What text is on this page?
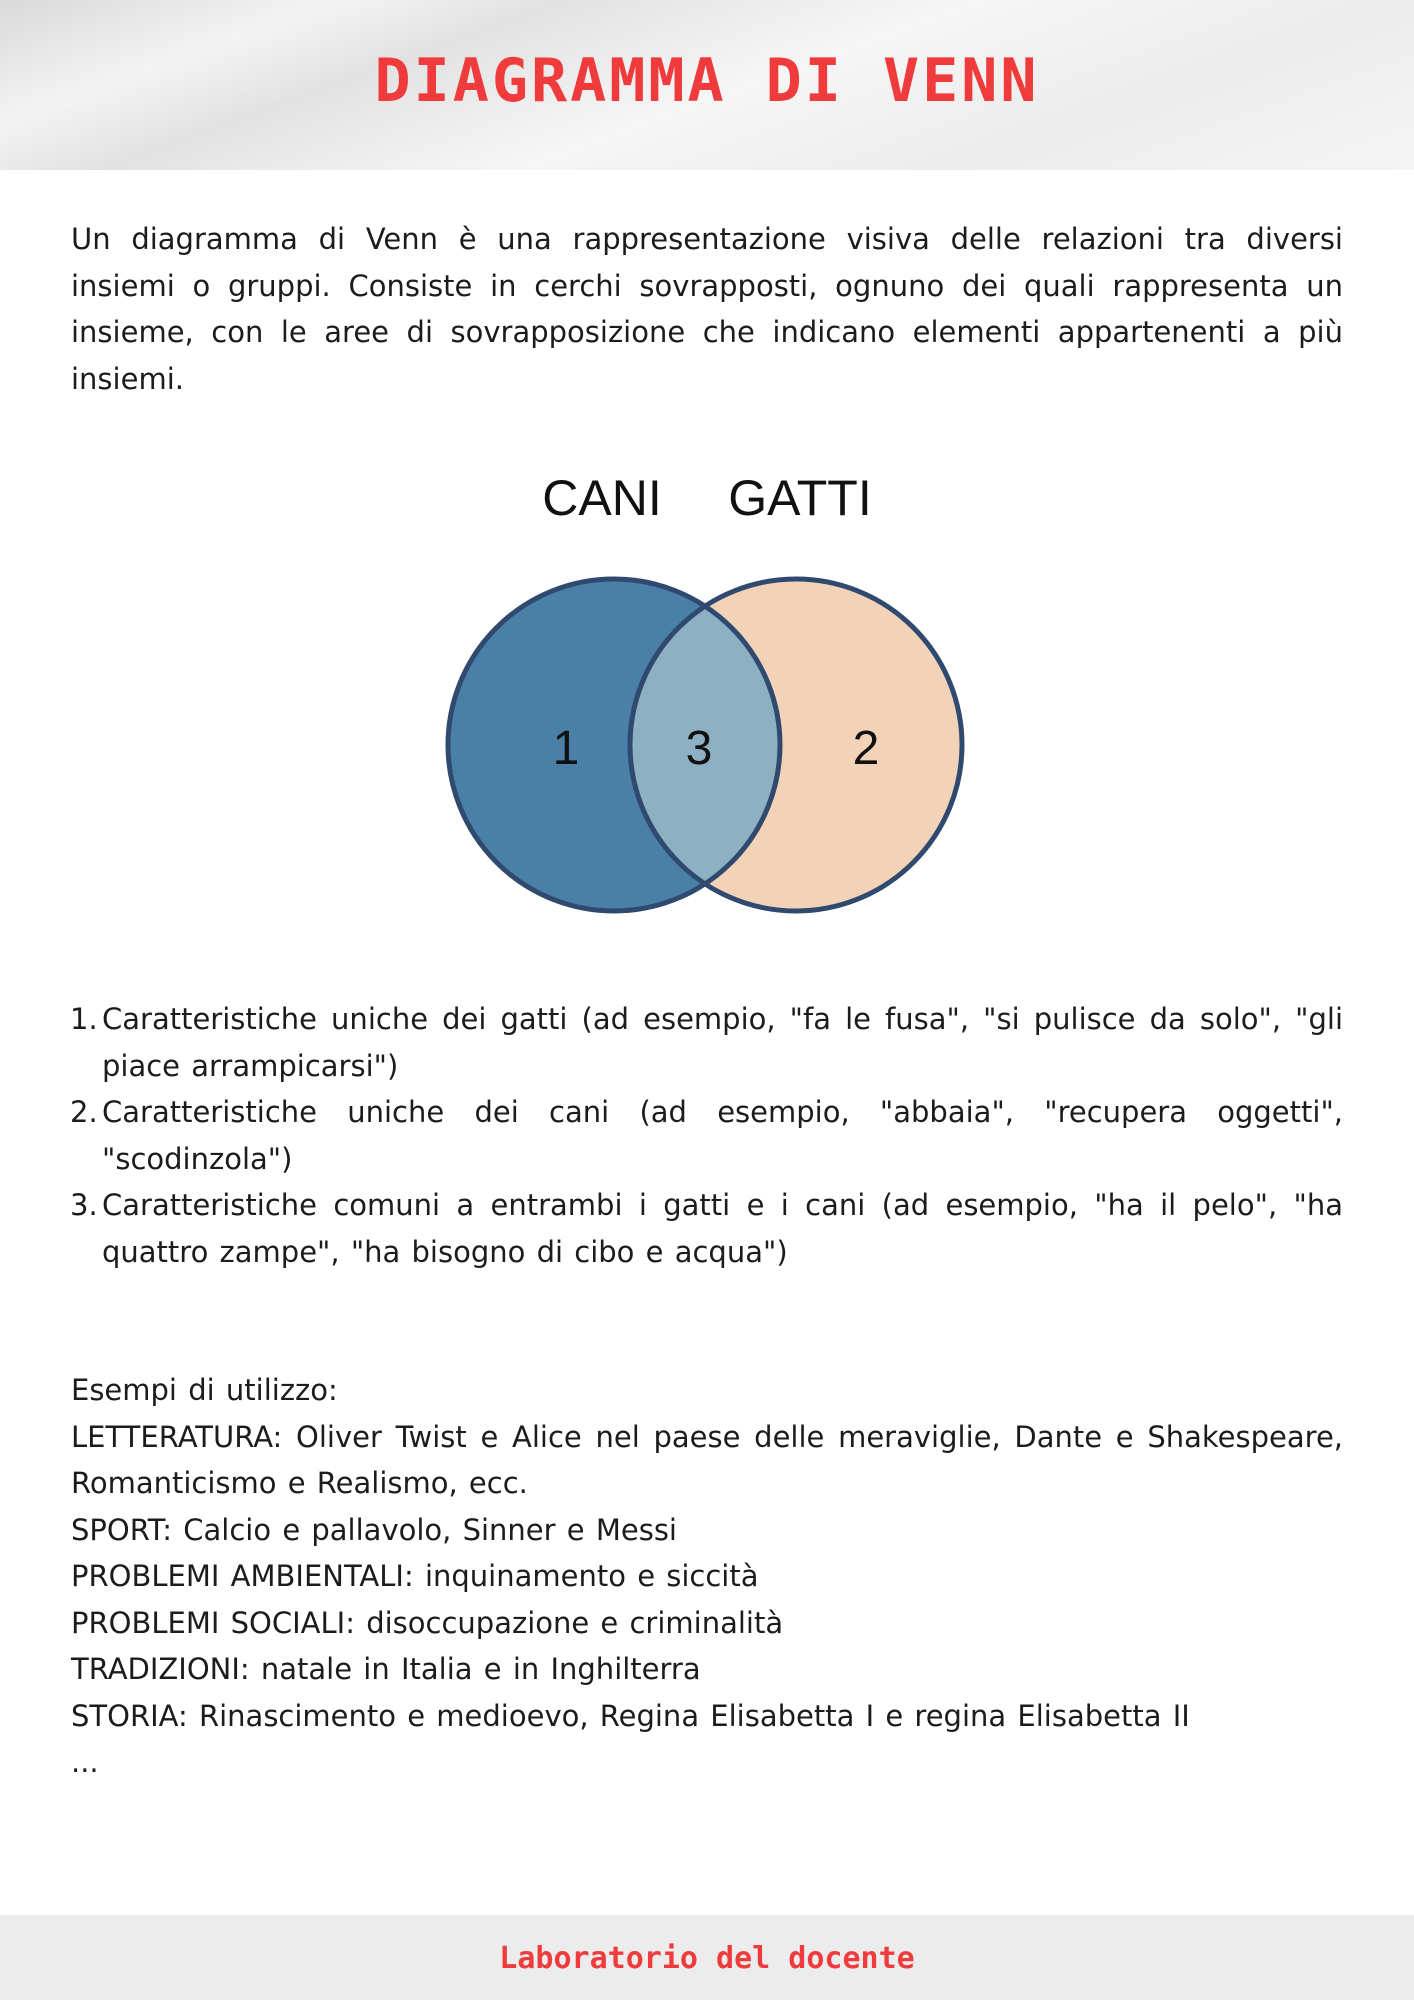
DIAGRAMMA DI VENN

Un diagramma di Venn è una rappresentazione visiva delle relazioni tra diversi insiemi o gruppi. Consiste in cerchi sovrapposti, ognuno dei quali rappresenta un insieme, con le aree di sovrapposizione che indicano elementi appartenenti a più insiemi.

CANI GATTI
1 3	2
1. Caratteristiche uniche dei gatti (ad esempio, "fa le fusa", "si pulisce da solo", "gli piace arrampicarsi")
2. Caratteristiche uniche dei cani (ad esempio, "abbaia", "recupera oggetti", "scodinzola")
3. Caratteristiche comuni a entrambi i gatti e i cani (ad esempio, "ha il pelo", "ha quattro zampe", "ha bisogno di cibo e acqua")
Esempi di utilizzo:
LETTERATURA: Oliver Twist e Alice nel paese delle meraviglie, Dante e Shakespeare, Romanticismo e Realismo, ecc.
SPORT: Calcio e pallavolo, Sinner e Messi
PROBLEMI AMBIENTALI: inquinamento e siccità
PROBLEMI SOCIALI: disoccupazione e criminalità
TRADIZIONI: natale in Italia e in Inghilterra
STORIA: Rinascimento e medioevo, Regina Elisabetta I e regina Elisabetta II
...
Laboratorio del docente
